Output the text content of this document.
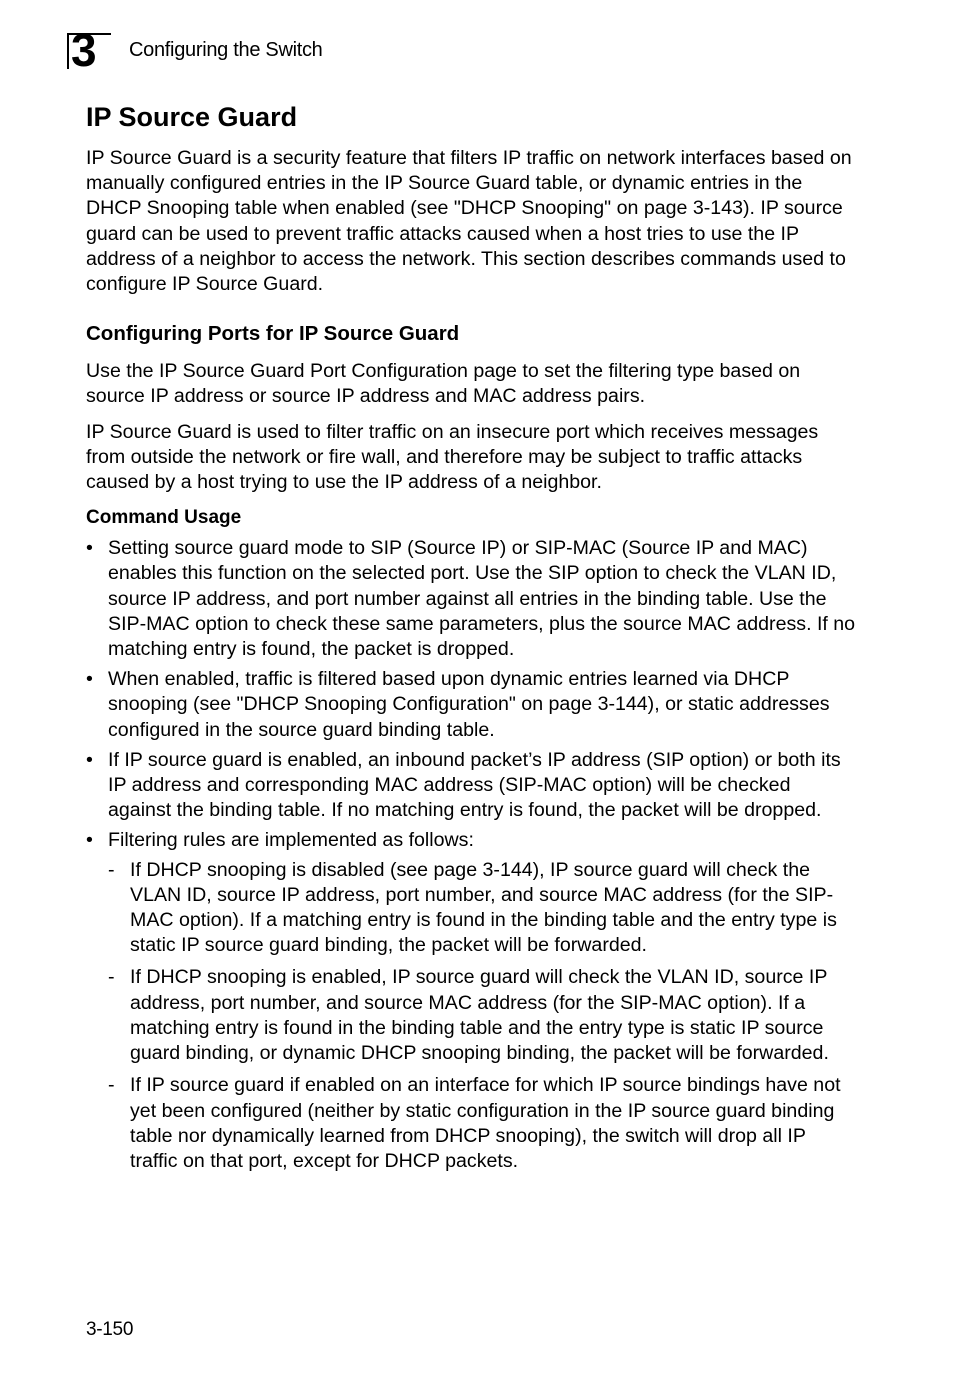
3 Configuring the Switch
IP Source Guard

IP Source Guard is a security feature that filters IP traffic on network interfaces based on manually configured entries in the IP Source Guard table, or dynamic entries in the DHCP Snooping table when enabled (see "DHCP Snooping" on page 3-143). IP source guard can be used to prevent traffic attacks caused when a host tries to use the IP address of a neighbor to access the network. This section describes commands used to configure IP Source Guard.

Configuring Ports for IP Source Guard

Use the IP Source Guard Port Configuration page to set the filtering type based on source IP address or source IP address and MAC address pairs.

IP Source Guard is used to filter traffic on an insecure port which receives messages from outside the network or fire wall, and therefore may be subject to traffic attacks caused by a host trying to use the IP address of a neighbor.

Command Usage
• Setting source guard mode to SIP (Source IP) or SIP-MAC (Source IP and MAC) enables this function on the selected port. Use the SIP option to check the VLAN ID, source IP address, and port number against all entries in the binding table. Use the SIP-MAC option to check these same parameters, plus the source MAC address. If no matching entry is found, the packet is dropped.
• When enabled, traffic is filtered based upon dynamic entries learned via DHCP snooping (see "DHCP Snooping Configuration" on page 3-144), or static addresses configured in the source guard binding table.
• If IP source guard is enabled, an inbound packet’s IP address (SIP option) or both its IP address and corresponding MAC address (SIP-MAC option) will be checked against the binding table. If no matching entry is found, the packet will be dropped.
• Filtering rules are implemented as follows:
- If DHCP snooping is disabled (see page 3-144), IP source guard will check the VLAN ID, source IP address, port number, and source MAC address (for the SIP-MAC option). If a matching entry is found in the binding table and the entry type is static IP source guard binding, the packet will be forwarded.
- If DHCP snooping is enabled, IP source guard will check the VLAN ID, source IP address, port number, and source MAC address (for the SIP-MAC option). If a matching entry is found in the binding table and the entry type is static IP source guard binding, or dynamic DHCP snooping binding, the packet will be forwarded.
- If IP source guard if enabled on an interface for which IP source bindings have not yet been configured (neither by static configuration in the IP source guard binding table nor dynamically learned from DHCP snooping), the switch will drop all IP traffic on that port, except for DHCP packets.
3-150
